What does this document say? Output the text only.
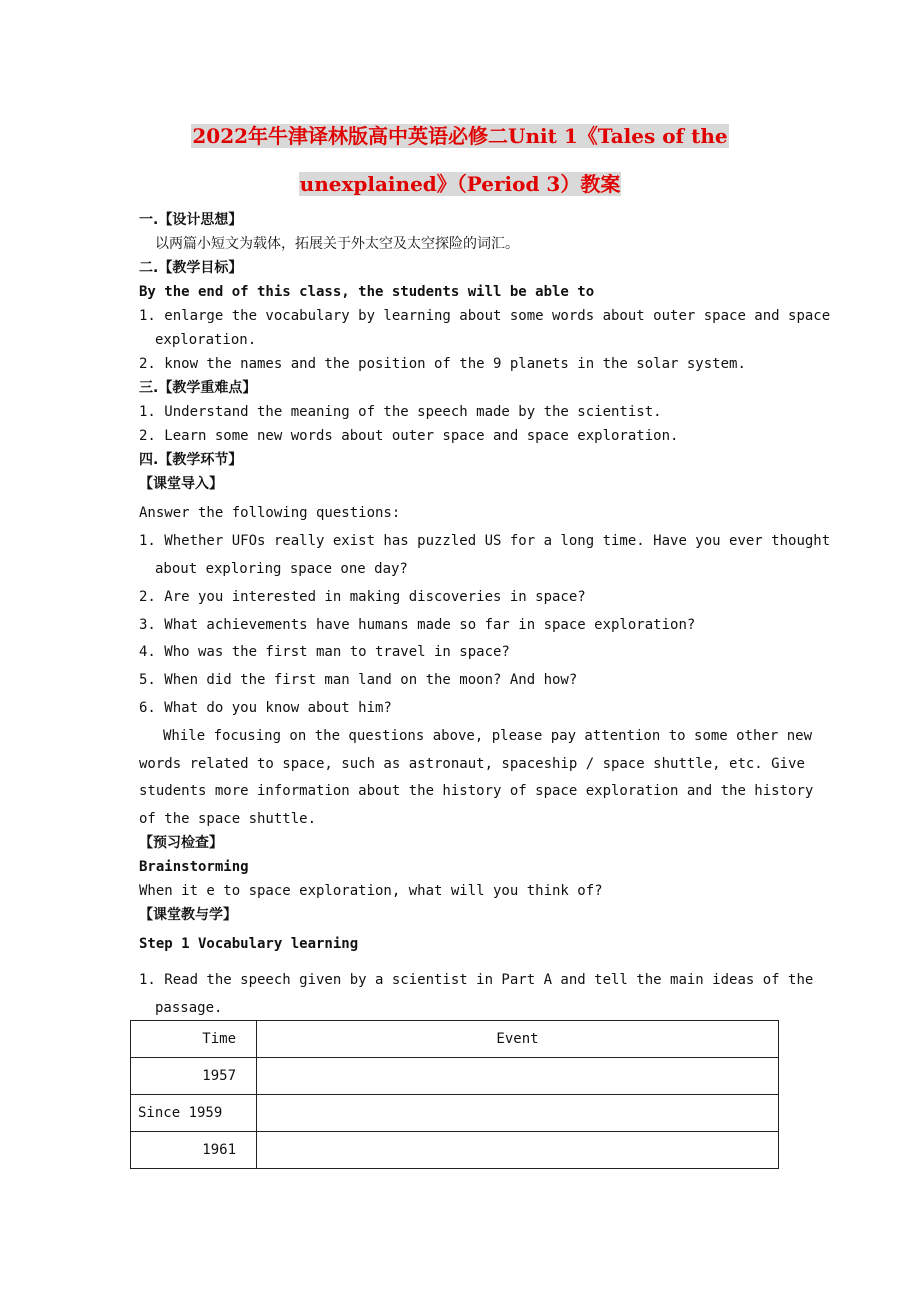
2022年牛津译林版高中英语必修二Unit 1《Tales of the
unexplained》（Period 3）教案
一.【设计思想】
以两篇小短文为载体，拓展关于外太空及太空探险的词汇。
二.【教学目标】
By the end of this class, the students will be able to
1. enlarge the vocabulary by learning about some words about outer space and space
exploration.
2. know the names and the position of the 9 planets in the solar system.
三.【教学重难点】
1. Understand the meaning of the speech made by the scientist.
2. Learn some new words about outer space and space exploration.
四.【教学环节】
【课堂导入】
Answer the following questions:
1. Whether UFOs really exist has puzzled US for a long time. Have you ever thought
about exploring space one day?
2. Are you interested in making discoveries in space?
3. What achievements have humans made so far in space exploration?
4. Who was the first man to travel in space?
5. When did the first man land on the moon? And how?
6. What do you know about him?
While focusing on the questions above, please pay attention to some other new
words related to space, such as astronaut, spaceship / space shuttle, etc. Give
students more information about the history of space exploration and the history
of the space shuttle.
【预习检查】
Brainstorming
When it e to space exploration, what will you think of?
【课堂教与学】
Step 1 Vocabulary learning
1. Read the speech given by a scientist in Part A and tell the main ideas of the
passage.
Time	Event
1957	
Since 1959	
1961	
